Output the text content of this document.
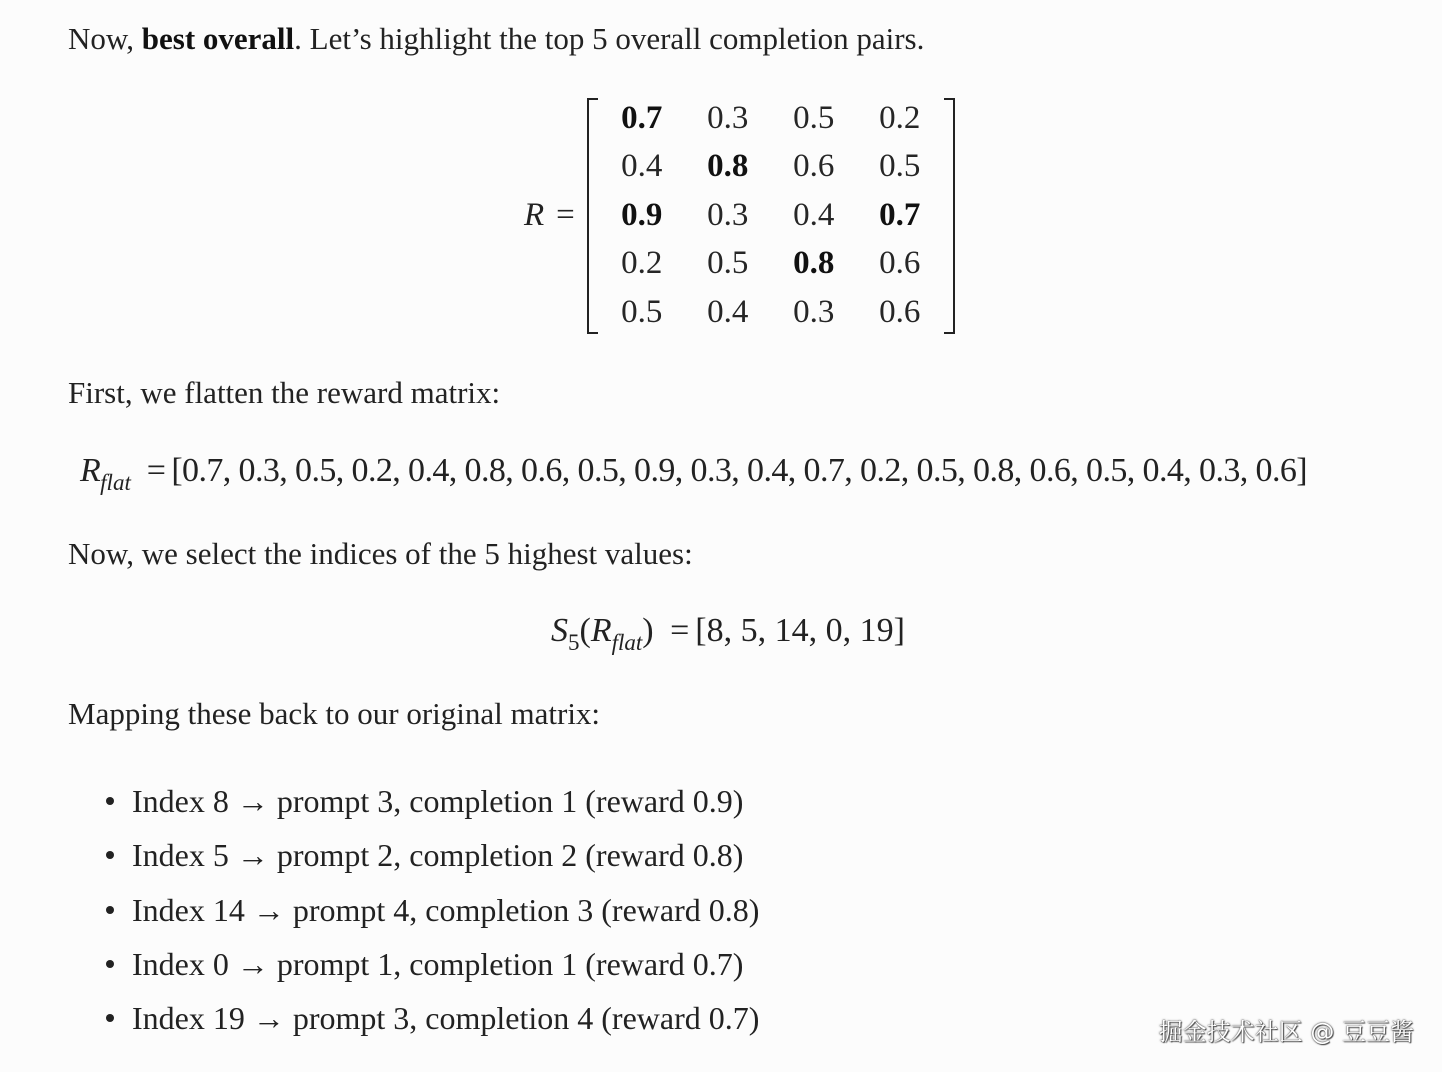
Now, best overall. Let’s highlight the top 5 overall completion pairs.

R =
0.7	0.3	0.5	0.2
0.4	0.8	0.6	0.5
0.9	0.3	0.4	0.7
0.2	0.5	0.8	0.6
0.5	0.4	0.3	0.6

First, we flatten the reward matrix:

$R_{flat} = [0.7$, 0.3, 0.5, 0.2, 0.4, 0.8, 0.6, 0.5, 0.9, 0.3, 0.4, 0.7, 0.2, 0.5, 0.8, 0.6, 0.5, 0.4, 0.3, 0.6]

Now, we select the indices of the 5 highest values:

$S_5(R_{flat}) = [8$, 5, 14, 0, 19]

Mapping these back to our original matrix:

Index 8 → prompt 3, completion 1 (reward 0.9)
Index 5 → prompt 2, completion 2 (reward 0.8)
Index 14 → prompt 4, completion 3 (reward 0.8)
Index 0 → prompt 1, completion 1 (reward 0.7)
Index 19 → prompt 3, completion 4 (reward 0.7)	掘金技术社区 @ 豆豆酱
